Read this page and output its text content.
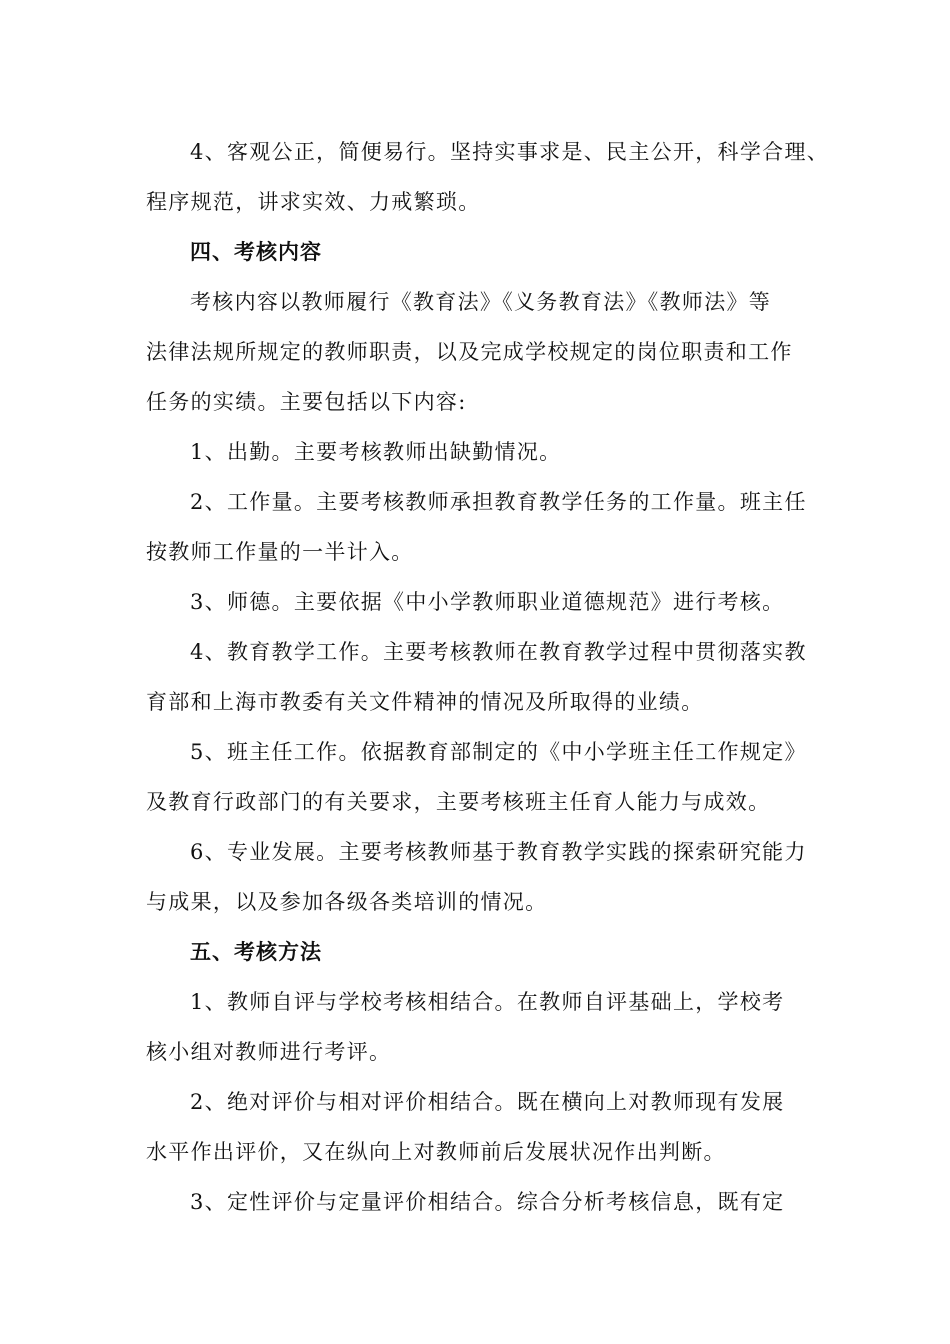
4、客观公正，简便易行。坚持实事求是、民主公开，科学合理、
程序规范，讲求实效、力戒繁琐。
四、考核内容
考核内容以教师履行《教育法》《义务教育法》《教师法》等
法律法规所规定的教师职责，以及完成学校规定的岗位职责和工作
任务的实绩。主要包括以下内容:
1、出勤。主要考核教师出缺勤情况。
2、工作量。主要考核教师承担教育教学任务的工作量。班主任
按教师工作量的一半计入。
3、师德。主要依据《中小学教师职业道德规范》进行考核。
4、教育教学工作。主要考核教师在教育教学过程中贯彻落实教
育部和上海市教委有关文件精神的情况及所取得的业绩。
5、班主任工作。依据教育部制定的《中小学班主任工作规定》
及教育行政部门的有关要求，主要考核班主任育人能力与成效。
6、专业发展。主要考核教师基于教育教学实践的探索研究能力
与成果，以及参加各级各类培训的情况。
五、考核方法
1、教师自评与学校考核相结合。在教师自评基础上，学校考
核小组对教师进行考评。
2、绝对评价与相对评价相结合。既在横向上对教师现有发展
水平作出评价，又在纵向上对教师前后发展状况作出判断。
3、定性评价与定量评价相结合。综合分析考核信息，既有定
